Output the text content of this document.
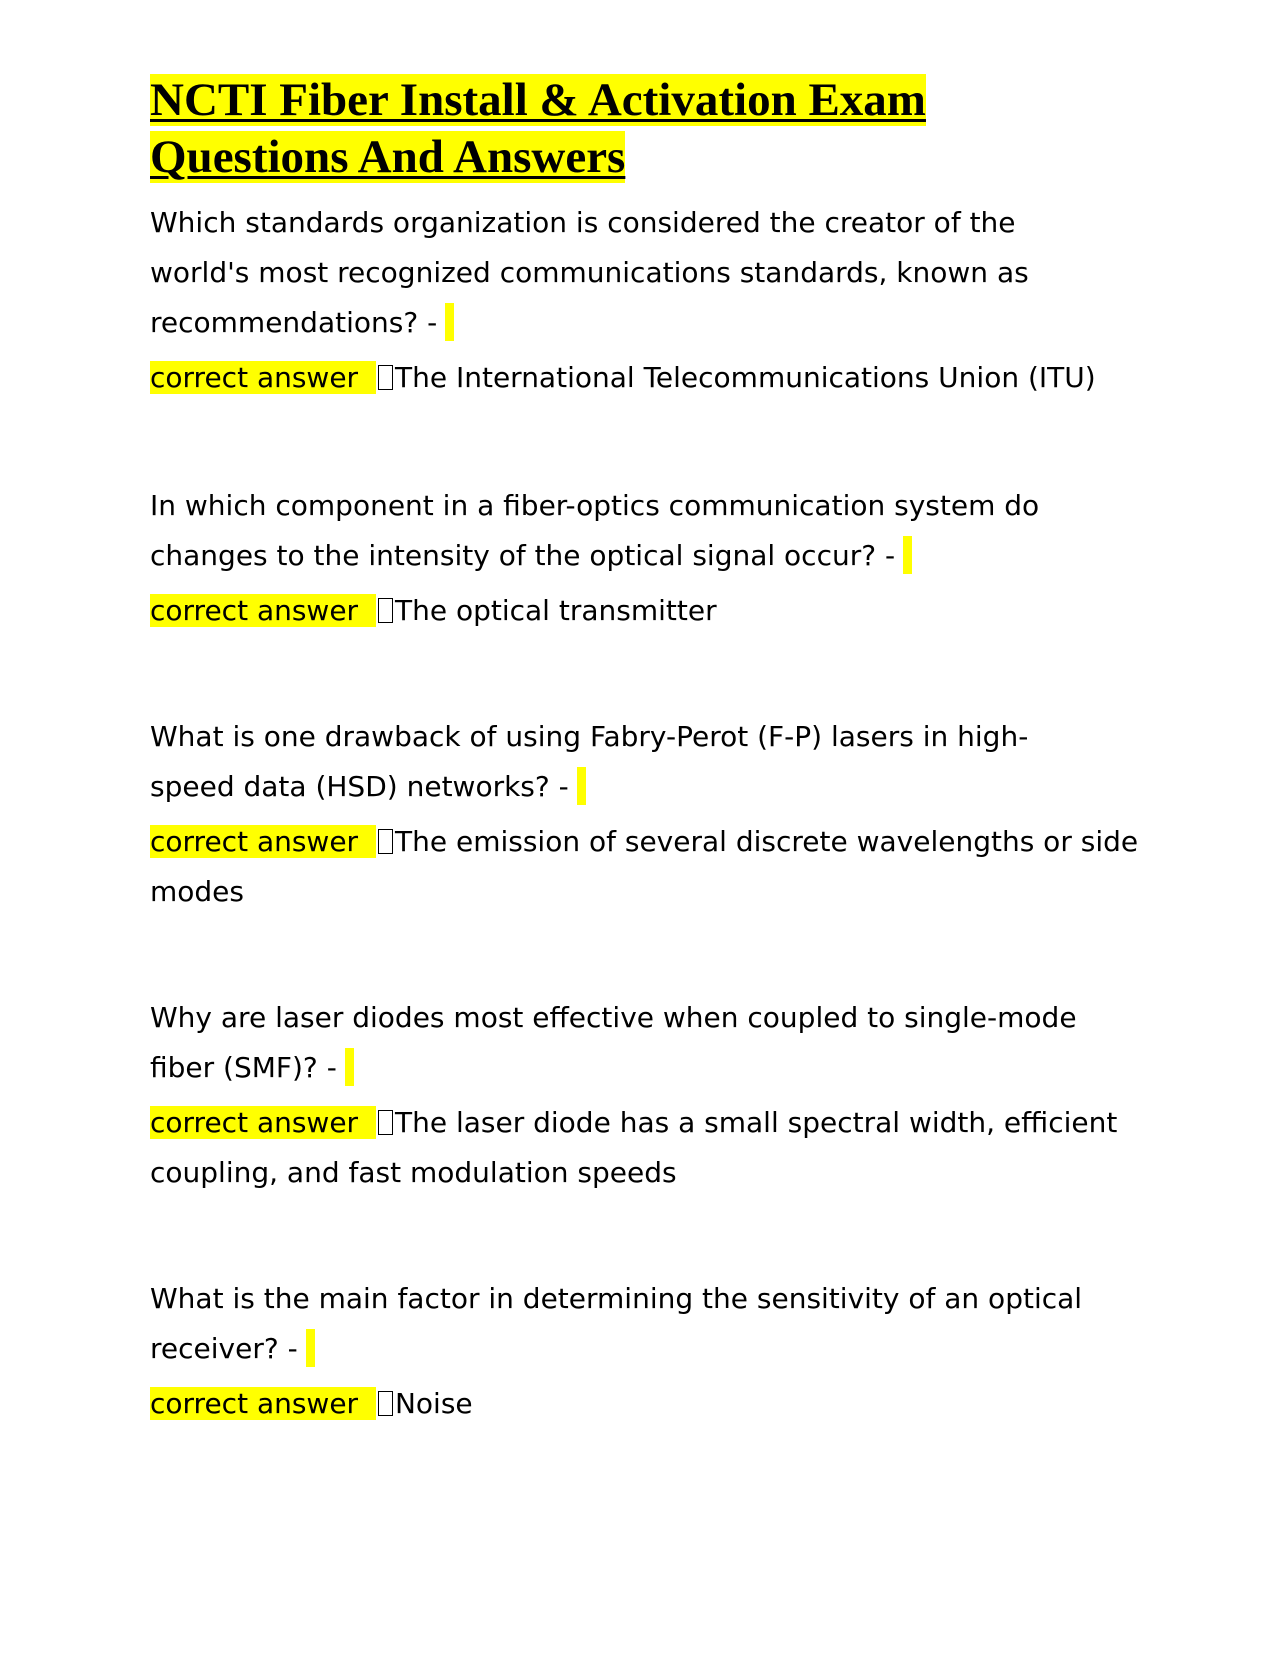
NCTI Fiber Install & Activation Exam
Questions And Answers

Which standards organization is considered the creator of the
world's most recognized communications standards, known as
recommendations? -

correct answer The International Telecommunications Union (ITU)

In which component in a fiber-optics communication system do
changes to the intensity of the optical signal occur? -

correct answer The optical transmitter

What is one drawback of using Fabry-Perot (F-P) lasers in high-
speed data (HSD) networks? -

correct answer The emission of several discrete wavelengths or side modes

Why are laser diodes most effective when coupled to single-mode
fiber (SMF)? -

correct answer The laser diode has a small spectral width, efficient coupling, and fast modulation speeds

What is the main factor in determining the sensitivity of an optical
receiver? -

correct answer Noise
